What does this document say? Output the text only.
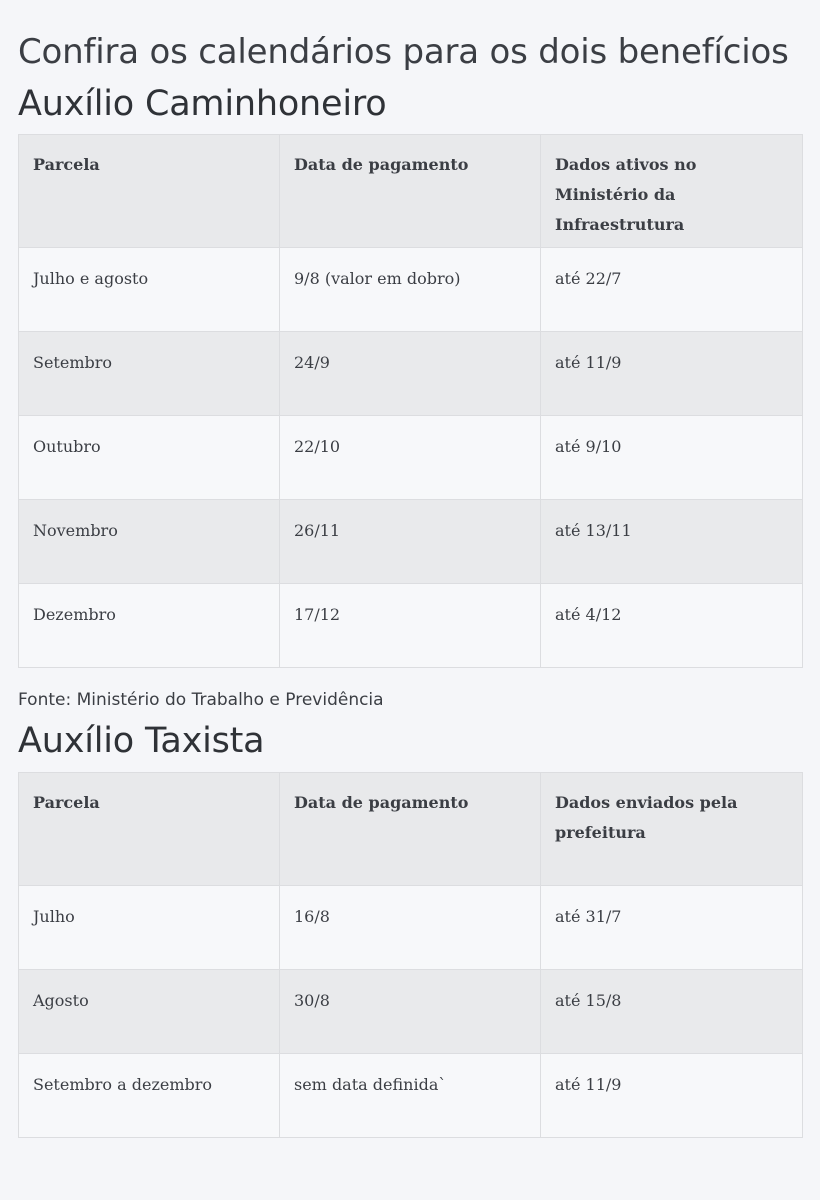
Confira os calendários para os dois benefícios
Auxílio Caminhoneiro
Parcela	Data de pagamento	Dados ativos no Ministério da Infraestrutura
Julho e agosto	9/8 (valor em dobro)	até 22/7
Setembro	24/9	até 11/9
Outubro	22/10	até 9/10
Novembro	26/11	até 13/11
Dezembro	17/12	até 4/12

Fonte: Ministério do Trabalho e Previdência

Auxílio Taxista
Parcela	Data de pagamento	Dados enviados pela prefeitura
Julho	16/8	até 31/7
Agosto	30/8	até 15/8
Setembro a dezembro	sem data definida`	até 11/9
